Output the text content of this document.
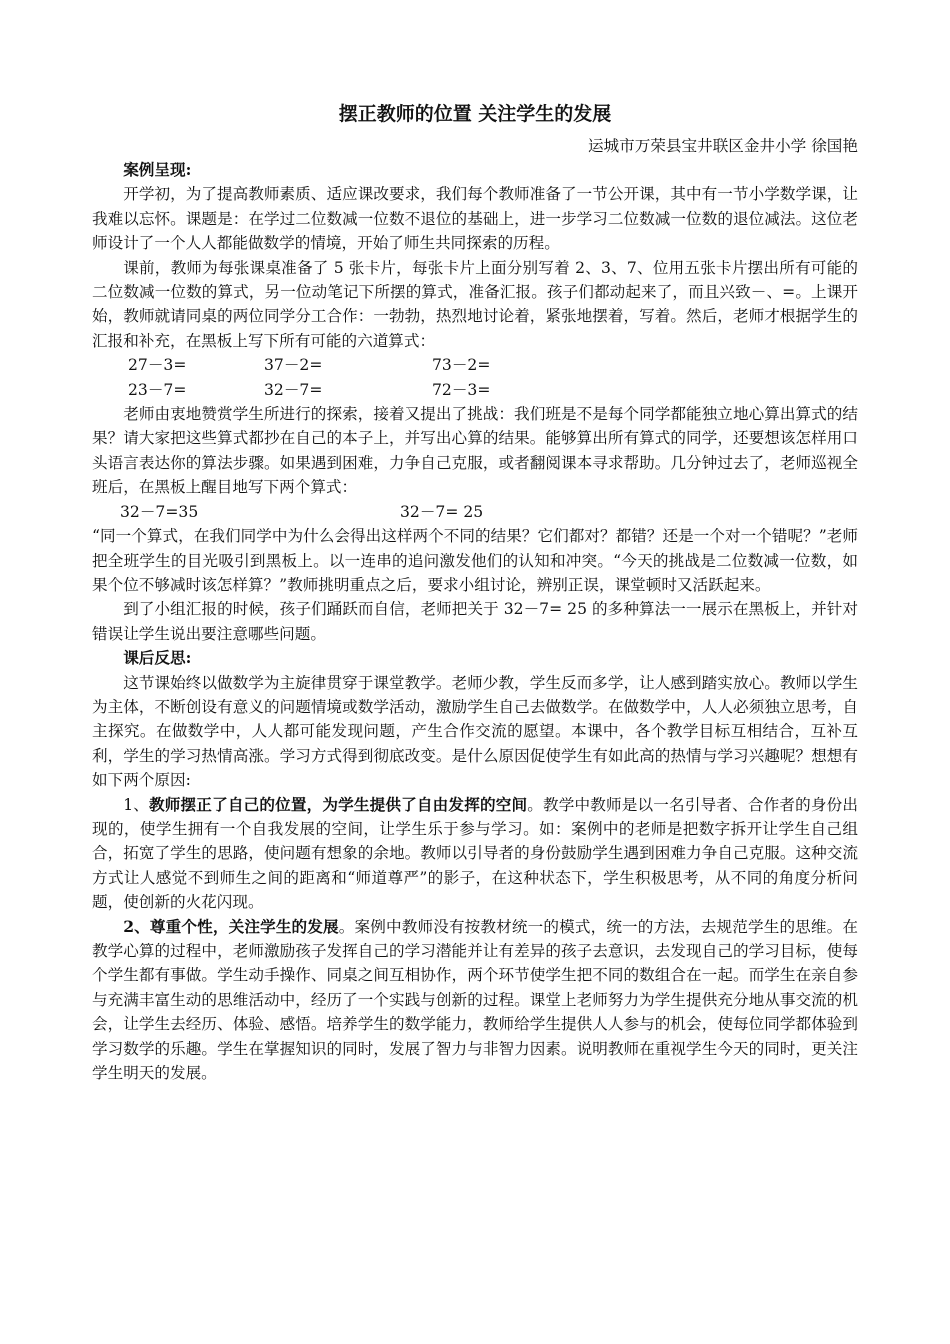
摆正教师的位置 关注学生的发展
运城市万荣县宝井联区金井小学 徐国艳
案例呈现:

开学初，为了提高教师素质、适应课改要求，我们每个教师准备了一节公开课，其中有一节小学数学课，让我难以忘怀。课题是：在学过二位数减一位数不退位的基础上，进一步学习二位数减一位数的退位减法。这位老师设计了一个人人都能做数学的情境，开始了师生共同探索的历程。

课前，教师为每张课桌准备了 5 张卡片，每张卡片上面分别写着 2、3、7、位用五张卡片摆出所有可能的二位数减一位数的算式，另一位动笔记下所摆的算式，准备汇报。孩子们都动起来了，而且兴致－、=。上课开始，教师就请同桌的两位同学分工合作：一勃勃，热烈地讨论着，紧张地摆着，写着。然后，老师才根据学生的汇报和补充，在黑板上写下所有可能的六道算式：

27－3=	37－2=	73－2=
23－7=	32－7=	72－3=

老师由衷地赞赏学生所进行的探索，接着又提出了挑战：我们班是不是每个同学都能独立地心算出算式的结果？请大家把这些算式都抄在自己的本子上，并写出心算的结果。能够算出所有算式的同学，还要想该怎样用口头语言表达你的算法步骤。如果遇到困难，力争自己克服，或者翻阅课本寻求帮助。几分钟过去了，老师巡视全班后，在黑板上醒目地写下两个算式：

32－7=35	32－7= 25

“同一个算式，在我们同学中为什么会得出这样两个不同的结果？它们都对？都错？还是一个对一个错呢？”老师把全班学生的目光吸引到黑板上。以一连串的追问激发他们的认知和冲突。“今天的挑战是二位数减一位数，如果个位不够减时该怎样算？”教师挑明重点之后，要求小组讨论，辨别正误，课堂顿时又活跃起来。

到了小组汇报的时候，孩子们踊跃而自信，老师把关于 32－7= 25 的多种算法一一展示在黑板上，并针对错误让学生说出要注意哪些问题。

课后反思:

这节课始终以做数学为主旋律贯穿于课堂教学。老师少教，学生反而多学，让人感到踏实放心。教师以学生为主体，不断创设有意义的问题情境或数学活动，激励学生自己去做数学。在做数学中，人人必须独立思考，自主探究。在做数学中，人人都可能发现问题，产生合作交流的愿望。本课中，各个教学目标互相结合，互补互利，学生的学习热情高涨。学习方式得到彻底改变。是什么原因促使学生有如此高的热情与学习兴趣呢？想想有如下两个原因:

1、教师摆正了自己的位置，为学生提供了自由发挥的空间。教学中教师是以一名引导者、合作者的身份出现的，使学生拥有一个自我发展的空间，让学生乐于参与学习。如：案例中的老师是把数字拆开让学生自己组合，拓宽了学生的思路，使问题有想象的余地。教师以引导者的身份鼓励学生遇到困难力争自己克服。这种交流方式让人感觉不到师生之间的距离和“师道尊严”的影子，在这种状态下，学生积极思考，从不同的角度分析问题，使创新的火花闪现。

2、尊重个性，关注学生的发展。案例中教师没有按教材统一的模式，统一的方法，去规范学生的思维。在教学心算的过程中，老师激励孩子发挥自己的学习潜能并让有差异的孩子去意识，去发现自己的学习目标，使每个学生都有事做。学生动手操作、同桌之间互相协作，两个环节使学生把不同的数组合在一起。而学生在亲自参与充满丰富生动的思维活动中，经历了一个实践与创新的过程。课堂上老师努力为学生提供充分地从事交流的机会，让学生去经历、体验、感悟。培养学生的数学能力，教师给学生提供人人参与的机会，使每位同学都体验到学习数学的乐趣。学生在掌握知识的同时，发展了智力与非智力因素。说明教师在重视学生今天的同时，更关注学生明天的发展。
